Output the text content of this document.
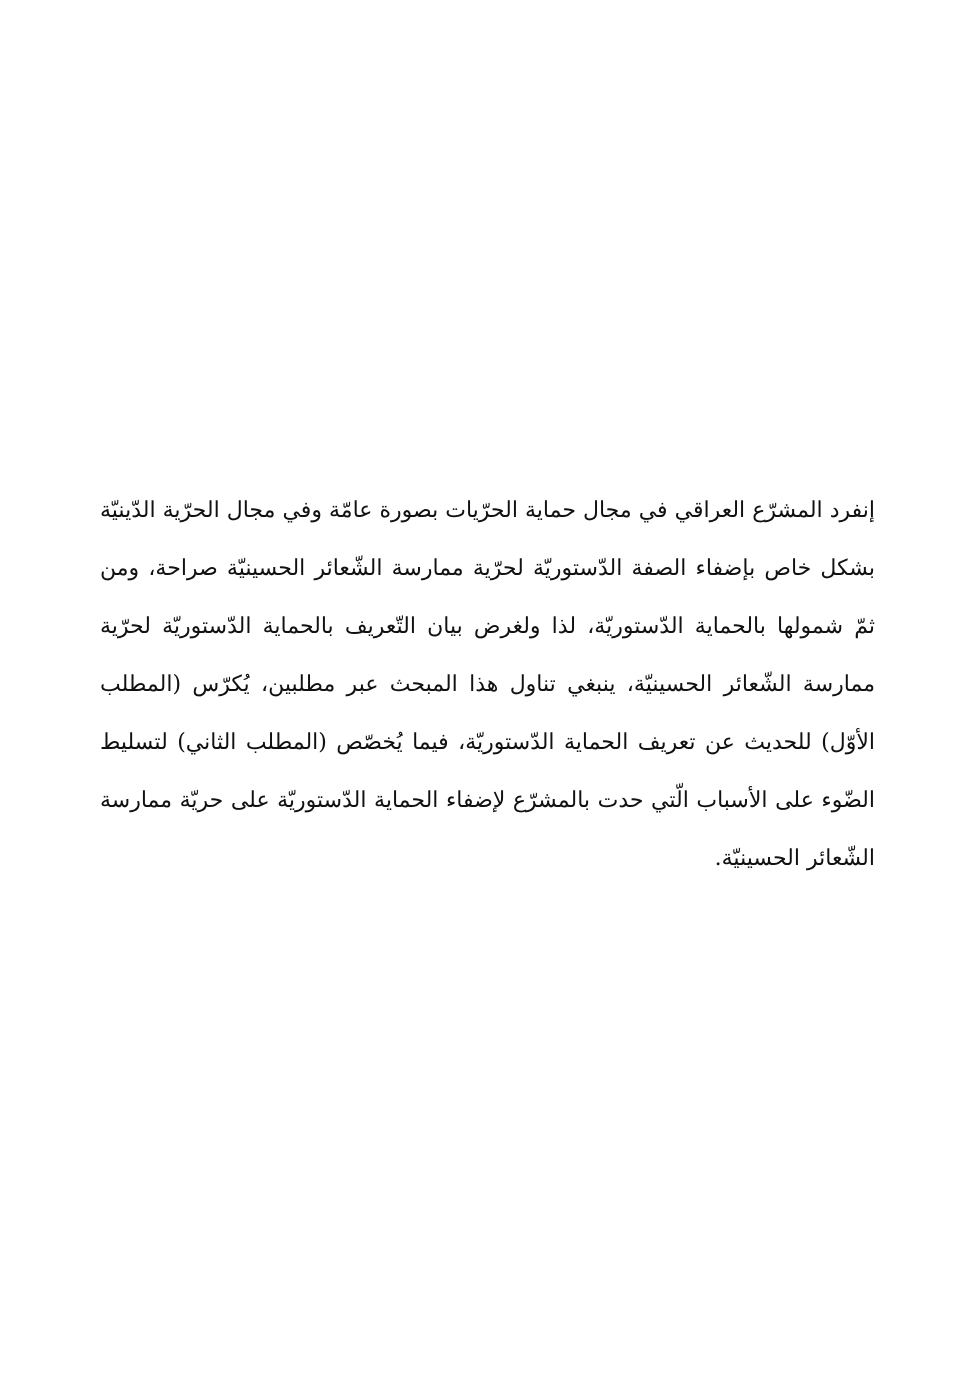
إنفرد المشرّع العراقي في مجال حماية الحرّيات بصورة عامّة وفي مجال الحرّية الدّينيّة
بشكل خاص بإضفاء الصفة الدّستوريّة لحرّية ممارسة الشّعائر الحسينيّة صراحة، ومن
ثمّ شمولها بالحماية الدّستوريّة، لذا ولغرض بيان التّعريف بالحماية الدّستوريّة لحرّية
ممارسة الشّعائر الحسينيّة، ينبغي تناول هذا المبحث عبر مطلبين، يُكرّس (المطلب
الأوّل) للحديث عن تعريف الحماية الدّستوريّة، فيما يُخصّص (المطلب الثاني) لتسليط
الضّوء على الأسباب الّتي حدت بالمشرّع لإضفاء الحماية الدّستوريّة على حريّة ممارسة
الشّعائر الحسينيّة.
